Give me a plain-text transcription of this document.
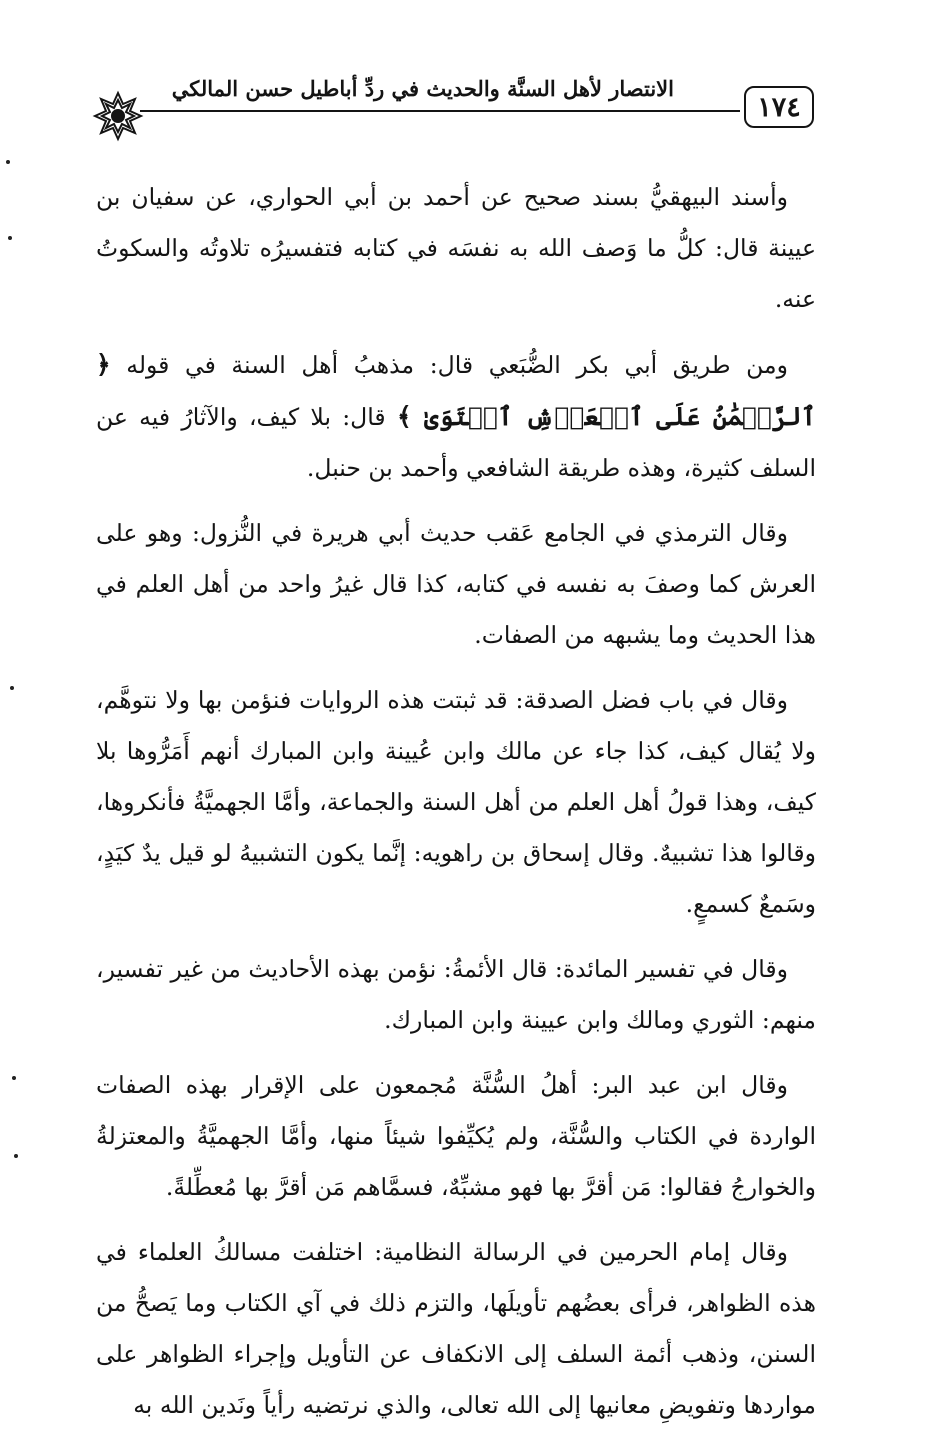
الانتصار لأهل السنَّة والحديث في ردِّ أباطيل حسن المالكي
١٧٤

وأسند البيهقيُّ بسند صحيح عن أحمد بن أبي الحواري، عن سفيان بن عيينة قال: كلُّ ما وَصف الله به نفسَه في كتابه فتفسيرُه تلاوتُه والسكوتُ عنه.

ومن طريق أبي بكر الضُّبَعي قال: مذهبُ أهل السنة في قوله ﴿ ٱلرَّحۡمَٰنُ عَلَى ٱلۡعَرۡشِ ٱسۡتَوَىٰ ﴾ قال: بلا كيف، والآثارُ فيه عن السلف كثيرة، وهذه طريقة الشافعي وأحمد بن حنبل.

وقال الترمذي في الجامع عَقب حديث أبي هريرة في النُّزول: وهو على العرش كما وصفَ به نفسه في كتابه، كذا قال غيرُ واحد من أهل العلم في هذا الحديث وما يشبهه من الصفات.

وقال في باب فضل الصدقة: قد ثبتت هذه الروايات فنؤمن بها ولا نتوهَّم، ولا يُقال كيف، كذا جاء عن مالك وابن عُيينة وابن المبارك أنهم أَمَرُّوها بلا كيف، وهذا قولُ أهل العلم من أهل السنة والجماعة، وأمَّا الجهميَّةُ فأنكروها، وقالوا هذا تشبيهٌ. وقال إسحاق بن راهويه: إنَّما يكون التشبيهُ لو قيل يدٌ كيَدٍ، وسَمعٌ كسمعٍ.

وقال في تفسير المائدة: قال الأئمةُ: نؤمن بهذه الأحاديث من غير تفسير، منهم: الثوري ومالك وابن عيينة وابن المبارك.

وقال ابن عبد البر: أهلُ السُّنَّة مُجمعون على الإقرار بهذه الصفات الواردة في الكتاب والسُّنَّة، ولم يُكيِّفوا شيئاً منها، وأمَّا الجهميَّةُ والمعتزلةُ والخوارجُ فقالوا: مَن أقرَّ بها فهو مشبِّهٌ، فسمَّاهم مَن أقرَّ بها مُعطِّلةً.

وقال إمام الحرمين في الرسالة النظامية: اختلفت مسالكُ العلماء في هذه الظواهر، فرأى بعضُهم تأويلَها، والتزم ذلك في آي الكتاب وما يَصحُّ من السنن، وذهب أئمة السلف إلى الانكفاف عن التأويل وإجراء الظواهر على مواردها وتفويضِ معانيها إلى الله تعالى، والذي نرتضيه رأياً ونَدين الله به
